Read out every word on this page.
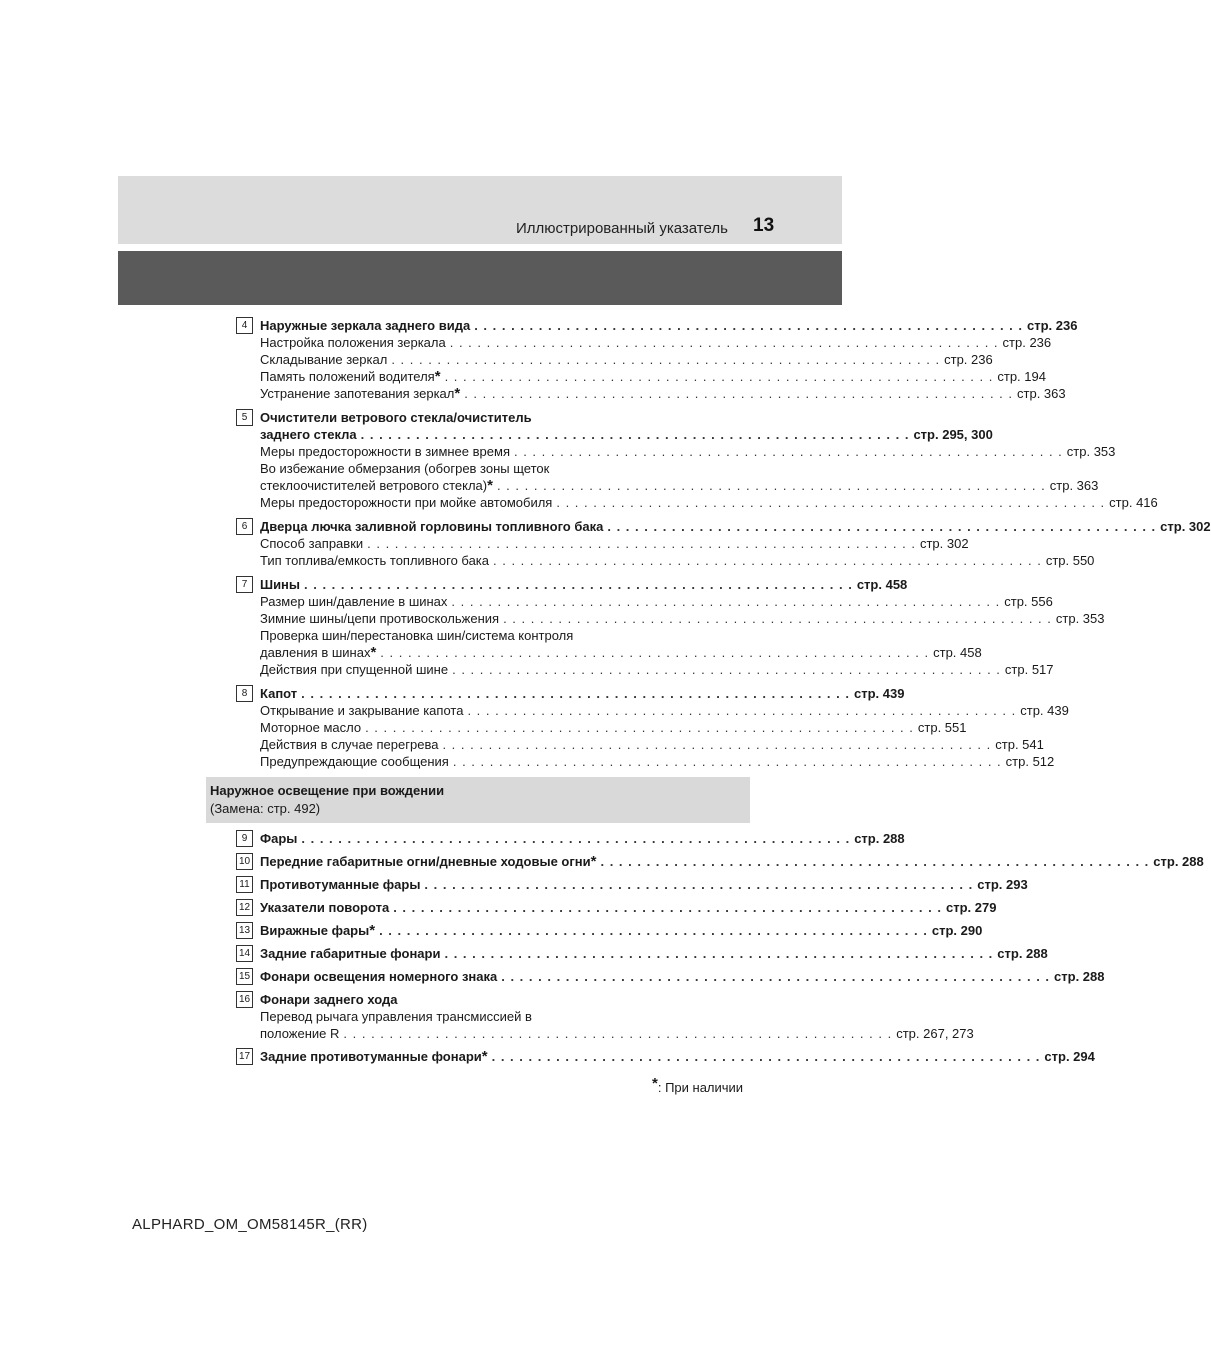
Иллюстрированный указатель 13
4 Наружные зеркала заднего вида . . . . . . . . . . . . . . . . . . . . . . . . . . . . . . . . . . . . . . . . . . . . . . . . . . . . . . . . . . . . стр. 236
Настройка положения зеркала . . . . . . . . . . . . . . . . . . . . . . . . . . . . . . . . . . . . . . . . . . . . . . . . . . . . . . . . . . . . стр. 236
Складывание зеркал . . . . . . . . . . . . . . . . . . . . . . . . . . . . . . . . . . . . . . . . . . . . . . . . . . . . . . . . . . . . стр. 236
Память положений водителя * . . . . . . . . . . . . . . . . . . . . . . . . . . . . . . . . . . . . . . . . . . . . . . . . . . . . . . . . . . . . стр. 194
Устранение запотевания зеркал * . . . . . . . . . . . . . . . . . . . . . . . . . . . . . . . . . . . . . . . . . . . . . . . . . . . . . . . . . . . . стр. 363
5 Очистители ветрового стекла/очиститель
заднего стекла . . . . . . . . . . . . . . . . . . . . . . . . . . . . . . . . . . . . . . . . . . . . . . . . . . . . . . . . . . . . стр. 295, 300
Меры предосторожности в зимнее время . . . . . . . . . . . . . . . . . . . . . . . . . . . . . . . . . . . . . . . . . . . . . . . . . . . . . . . . . . . . стр. 353
Во избежание обмерзания (обогрев зоны щеток
стеклоочистителей ветрового стекла) * . . . . . . . . . . . . . . . . . . . . . . . . . . . . . . . . . . . . . . . . . . . . . . . . . . . . . . . . . . . . стр. 363
Меры предосторожности при мойке автомобиля . . . . . . . . . . . . . . . . . . . . . . . . . . . . . . . . . . . . . . . . . . . . . . . . . . . . . . . . . . . . стр. 416
6 Дверца лючка заливной горловины топливного бака . . . . . . . . . . . . . . . . . . . . . . . . . . . . . . . . . . . . . . . . . . . . . . . . . . . . . . . . . . . . стр. 302
Способ заправки . . . . . . . . . . . . . . . . . . . . . . . . . . . . . . . . . . . . . . . . . . . . . . . . . . . . . . . . . . . . стр. 302
Тип топлива/емкость топливного бака . . . . . . . . . . . . . . . . . . . . . . . . . . . . . . . . . . . . . . . . . . . . . . . . . . . . . . . . . . . . стр. 550
7 Шины . . . . . . . . . . . . . . . . . . . . . . . . . . . . . . . . . . . . . . . . . . . . . . . . . . . . . . . . . . . . стр. 458
Размер шин/давление в шинах . . . . . . . . . . . . . . . . . . . . . . . . . . . . . . . . . . . . . . . . . . . . . . . . . . . . . . . . . . . . стр. 556
Зимние шины/цепи противоскольжения . . . . . . . . . . . . . . . . . . . . . . . . . . . . . . . . . . . . . . . . . . . . . . . . . . . . . . . . . . . . стр. 353
Проверка шин/перестановка шин/система контроля
давления в шинах * . . . . . . . . . . . . . . . . . . . . . . . . . . . . . . . . . . . . . . . . . . . . . . . . . . . . . . . . . . . . стр. 458
Действия при спущенной шине . . . . . . . . . . . . . . . . . . . . . . . . . . . . . . . . . . . . . . . . . . . . . . . . . . . . . . . . . . . . стр. 517
8 Капот . . . . . . . . . . . . . . . . . . . . . . . . . . . . . . . . . . . . . . . . . . . . . . . . . . . . . . . . . . . . стр. 439
Открывание и закрывание капота . . . . . . . . . . . . . . . . . . . . . . . . . . . . . . . . . . . . . . . . . . . . . . . . . . . . . . . . . . . . стр. 439
Моторное масло . . . . . . . . . . . . . . . . . . . . . . . . . . . . . . . . . . . . . . . . . . . . . . . . . . . . . . . . . . . . стр. 551
Действия в случае перегрева . . . . . . . . . . . . . . . . . . . . . . . . . . . . . . . . . . . . . . . . . . . . . . . . . . . . . . . . . . . . стр. 541
Предупреждающие сообщения . . . . . . . . . . . . . . . . . . . . . . . . . . . . . . . . . . . . . . . . . . . . . . . . . . . . . . . . . . . . стр. 512
Наружное освещение при вождении
(Замена: стр. 492)
9 Фары . . . . . . . . . . . . . . . . . . . . . . . . . . . . . . . . . . . . . . . . . . . . . . . . . . . . . . . . . . . . стр. 288
10 Передние габаритные огни/дневные ходовые огни * . . . . . . . . . . . . . . . . . . . . . . . . . . . . . . . . . . . . . . . . . . . . . . . . . . . . . . . . . . . . стр. 288
11 Противотуманные фары . . . . . . . . . . . . . . . . . . . . . . . . . . . . . . . . . . . . . . . . . . . . . . . . . . . . . . . . . . . . стр. 293
12 Указатели поворота . . . . . . . . . . . . . . . . . . . . . . . . . . . . . . . . . . . . . . . . . . . . . . . . . . . . . . . . . . . . стр. 279
13 Виражные фары * . . . . . . . . . . . . . . . . . . . . . . . . . . . . . . . . . . . . . . . . . . . . . . . . . . . . . . . . . . . . стр. 290
14 Задние габаритные фонари . . . . . . . . . . . . . . . . . . . . . . . . . . . . . . . . . . . . . . . . . . . . . . . . . . . . . . . . . . . . стр. 288
15 Фонари освещения номерного знака . . . . . . . . . . . . . . . . . . . . . . . . . . . . . . . . . . . . . . . . . . . . . . . . . . . . . . . . . . . . стр. 288
16 Фонари заднего хода
Перевод рычага управления трансмиссией в
положение R . . . . . . . . . . . . . . . . . . . . . . . . . . . . . . . . . . . . . . . . . . . . . . . . . . . . . . . . . . . . стр. 267, 273
17 Задние противотуманные фонари * . . . . . . . . . . . . . . . . . . . . . . . . . . . . . . . . . . . . . . . . . . . . . . . . . . . . . . . . . . . . стр. 294
*: При наличии
ALPHARD_OM_OM58145R_(RR)
